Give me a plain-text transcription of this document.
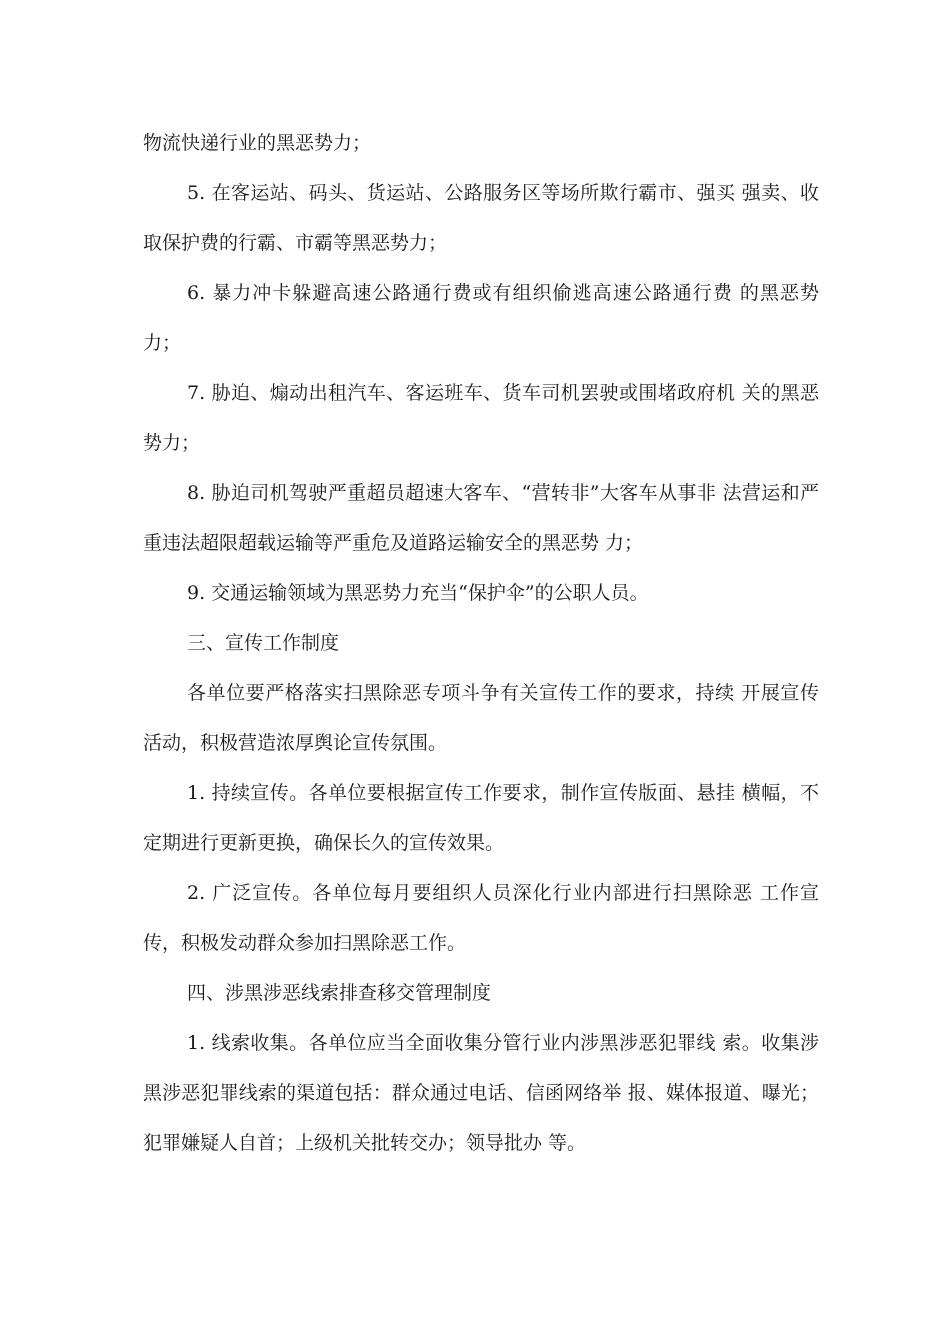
物流快递行业的黑恶势力；

5. 在客运站、码头、货运站、公路服务区等场所欺行霸市、强买 强卖、收取保护费的行霸、市霸等黑恶势力；

6. 暴力冲卡躲避高速公路通行费或有组织偷逃高速公路通行费 的黑恶势力；

7. 胁迫、煽动出租汽车、客运班车、货车司机罢驶或围堵政府机 关的黑恶势力；

8. 胁迫司机驾驶严重超员超速大客车、“营转非”大客车从事非 法营运和严重违法超限超载运输等严重危及道路运输安全的黑恶势 力；

9. 交通运输领域为黑恶势力充当“保护伞”的公职人员。

三、宣传工作制度

各单位要严格落实扫黑除恶专项斗争有关宣传工作的要求，持续 开展宣传活动，积极营造浓厚舆论宣传氛围。

1. 持续宣传。各单位要根据宣传工作要求，制作宣传版面、悬挂 横幅，不定期进行更新更换，确保长久的宣传效果。

2. 广泛宣传。各单位每月要组织人员深化行业内部进行扫黑除恶 工作宣传，积极发动群众参加扫黑除恶工作。

四、涉黑涉恶线索排查移交管理制度

1. 线索收集。各单位应当全面收集分管行业内涉黑涉恶犯罪线 索。收集涉黑涉恶犯罪线索的渠道包括：群众通过电话、信函网络举 报、媒体报道、曝光；犯罪嫌疑人自首；上级机关批转交办；领导批办 等。
